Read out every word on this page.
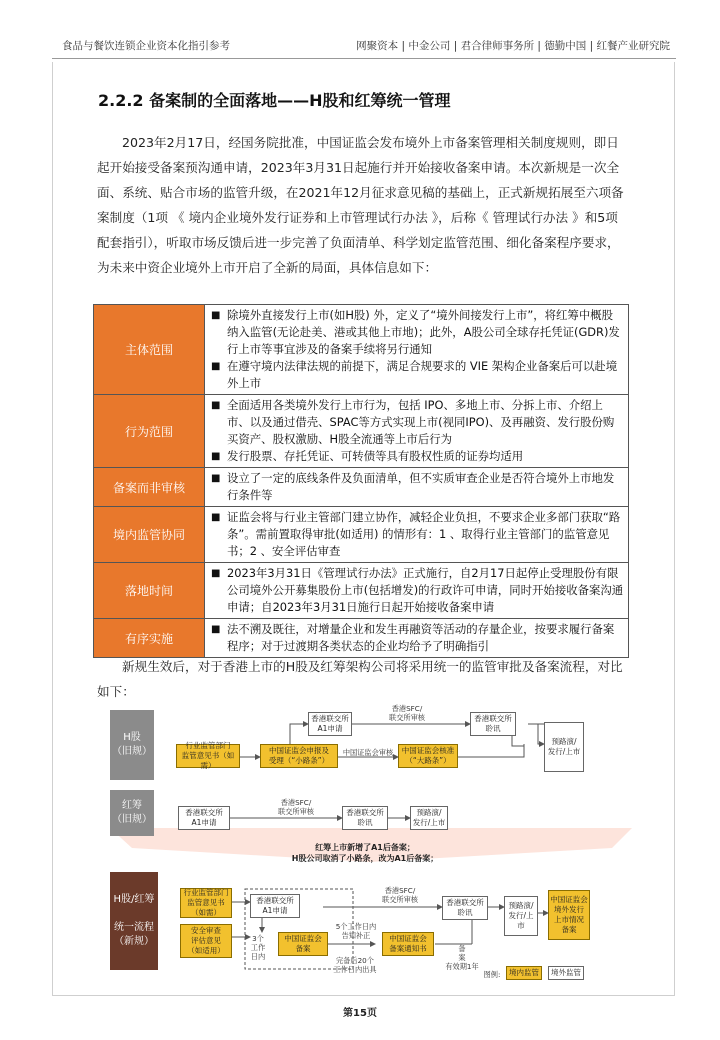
食品与餐饮连锁企业资本化指引参考	网聚资本 | 中金公司 | 君合律师事务所 | 德勤中国 | 红餐产业研究院
2.2.2 备案制的全面落地——H股和红筹统一管理
2023年2月17日，经国务院批准，中国证监会发布境外上市备案管理相关制度规则，即日起开始接受备案预沟通申请，2023年3月31日起施行并开始接收备案申请。本次新规是一次全面、系统、贴合市场的监管升级，在2021年12月征求意见稿的基础上，正式新规拓展至六项备案制度（1项 《 境内企业境外发行证券和上市管理试行办法 》，后称《 管理试行办法 》和5项配套指引），听取市场反馈后进一步完善了负面清单、科学划定监管范围、细化备案程序要求，为未来中资企业境外上市开启了全新的局面，具体信息如下：
主体范围	■ 除境外直接发行上市(如H股) 外，定义了“境外间接发行上市”，将红筹中概股纳入监管(无论赴美、港或其他上市地)；此外，A股公司全球存托凭证(GDR)发行上市等事宜涉及的备案手续将另行通知
■ 在遵守境内法律法规的前提下，满足合规要求的 VIE 架构企业备案后可以赴境外上市

行为范围	■ 全面适用各类境外发行上市行为，包括 IPO、多地上市、分拆上市、介绍上市、以及通过借壳、SPAC等方式实现上市(视同IPO)、及再融资、发行股份购买资产、股权激励、H股全流通等上市后行为
■ 发行股票、存托凭证、可转债等具有股权性质的证券均适用

备案而非审核	■ 设立了一定的底线条件及负面清单，但不实质审查企业是否符合境外上市地发行条件等

境内监管协同	■ 证监会将与行业主管部门建立协作，减轻企业负担，不要求企业多部门获取“路条”。需前置取得审批(如适用) 的情形有：1 、取得行业主管部门的监管意见书；2 、安全评估审查

落地时间	■ 2023年3月31日《管理试行办法》正式施行，自2月17日起停止受理股份有限公司境外公开募集股份上市(包括增发)的行政许可申请，同时开始接收备案沟通申请；自2023年3月31日施行日起开始接收备案申请

有序实施	■ 法不溯及既往，对增量企业和发生再融资等活动的存量企业，按要求履行备案程序；对于过渡期各类状态的企业均给予了明确指引
新规生效后，对于香港上市的H股及红筹架构公司将采用统一的监管审批及备案流程，对比如下：
H股
（旧规）
行业监管部门
监管意见书（如需）
中国证监会申报及
受理（“小路条”）
中国证监会审核	中国证监会核准
（“大路条”）
香港联交所
A1申请
香港SFC/
联交所审核	香港联交所
聆讯
预路演/
发行/上市
红筹
（旧规）
香港联交所
A1申请
香港SFC/
联交所审核	香港联交所
聆讯
预路演/
发行/上市
H股/红筹

统一流程
（新规）
行业监管部门
监管意见书
（如需）
安全审查
评估意见
（如适用）
香港联交所
A1申请
3个
工作
日内
中国证监会
备案
香港SFC/
联交所审核
5个工作日内
告知补正	中国证监会
备案通知书
完备后20个
工作日内出具
备
案
有效期1年
香港联交所
聆讯
预路演/
发行/上市
中国证监会
境外发行
上市情况
备案
图例:	境内监管	境外监管
红筹上市新增了A1后备案；
H股公司取消了小路条，改为A1后备案；
第15页
